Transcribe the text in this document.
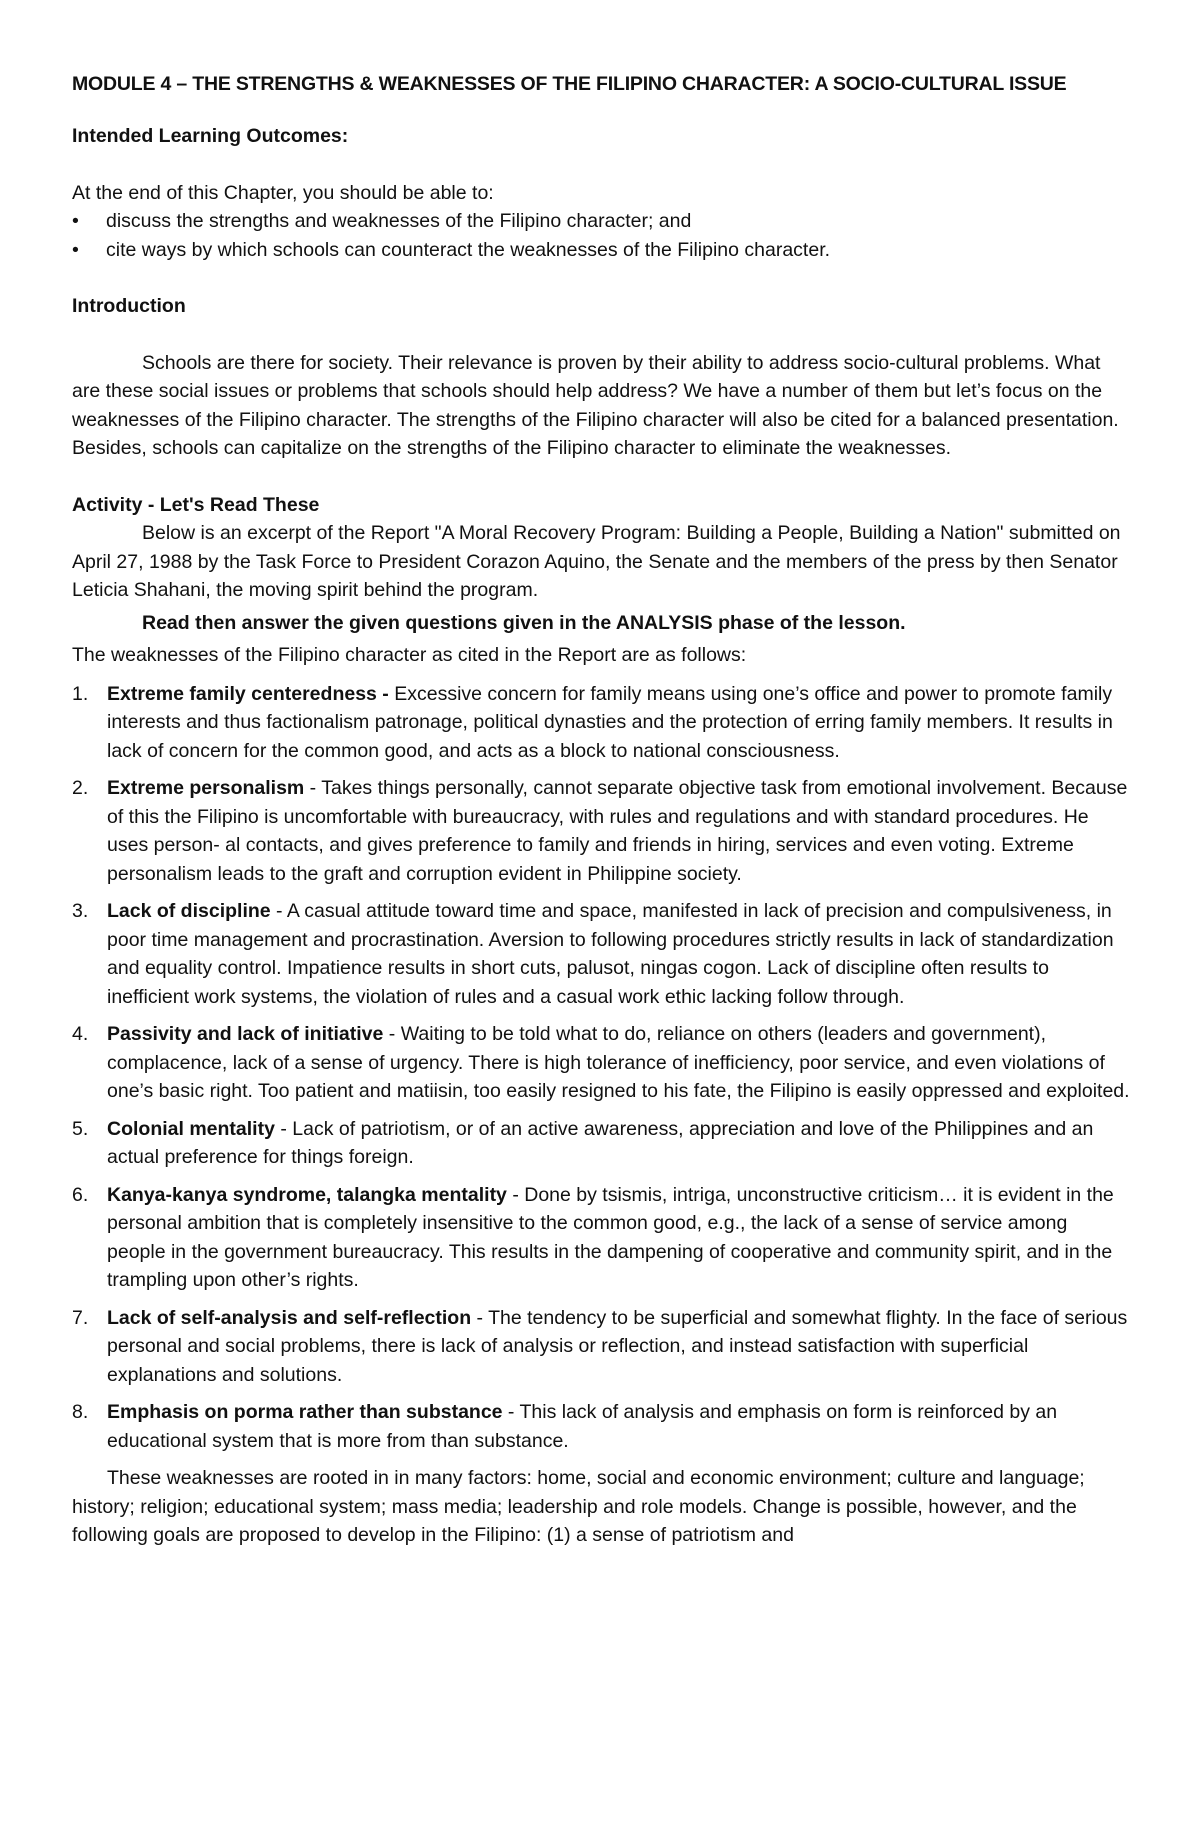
MODULE 4 – THE STRENGTHS & WEAKNESSES OF THE FILIPINO CHARACTER: A SOCIO-CULTURAL ISSUE

Intended Learning Outcomes:

At the end of this Chapter, you should be able to:

•	discuss the strengths and weaknesses of the Filipino character; and
•	cite ways by which schools can counteract the weaknesses of the Filipino character.

Introduction

Schools are there for society. Their relevance is proven by their ability to address socio-cultural problems. What are these social issues or problems that schools should help address? We have a number of them but let’s focus on the weaknesses of the Filipino character. The strengths of the Filipino character will also be cited for a balanced presentation. Besides, schools can capitalize on the strengths of the Filipino character to eliminate the weaknesses.

Activity - Let's Read These

Below is an excerpt of the Report "A Moral Recovery Program: Building a People, Building a Nation" submitted on April 27, 1988 by the Task Force to President Corazon Aquino, the Senate and the members of the press by then Senator Leticia Shahani, the moving spirit behind the program.

Read then answer the given questions given in the ANALYSIS phase of the lesson.

The weaknesses of the Filipino character as cited in the Report are as follows:

1. Extreme family centeredness - Excessive concern for family means using one’s office and power to promote family interests and thus factionalism patronage, political dynasties and the protection of erring family members. It results in lack of concern for the common good, and acts as a block to national consciousness.
2. Extreme personalism - Takes things personally, cannot separate objective task from emotional involvement. Because of this the Filipino is uncomfortable with bureaucracy, with rules and regulations and with standard procedures. He uses person- al contacts, and gives preference to family and friends in hiring, services and even voting. Extreme personalism leads to the graft and corruption evident in Philippine society.
3. Lack of discipline - A casual attitude toward time and space, manifested in lack of precision and compulsiveness, in poor time management and procrastination. Aversion to following procedures strictly results in lack of standardization and equality control. Impatience results in short cuts, palusot, ningas cogon. Lack of discipline often results to inefficient work systems, the violation of rules and a casual work ethic lacking follow through.
4. Passivity and lack of initiative - Waiting to be told what to do, reliance on others (leaders and government), complacence, lack of a sense of urgency. There is high tolerance of inefficiency, poor service, and even violations of one’s basic right. Too patient and matiisin, too easily resigned to his fate, the Filipino is easily oppressed and exploited.
5. Colonial mentality - Lack of patriotism, or of an active awareness, appreciation and love of the Philippines and an actual preference for things foreign.
6. Kanya-kanya syndrome, talangka mentality - Done by tsismis, intriga, unconstructive criticism… it is evident in the personal ambition that is completely insensitive to the common good, e.g., the lack of a sense of service among people in the government bureaucracy. This results in the dampening of cooperative and community spirit, and in the trampling upon other’s rights.
7. Lack of self-analysis and self-reflection - The tendency to be superficial and somewhat flighty. In the face of serious personal and social problems, there is lack of analysis or reflection, and instead satisfaction with superficial explanations and solutions.
8. Emphasis on porma rather than substance - This lack of analysis and emphasis on form is reinforced by an educational system that is more from than substance.

These weaknesses are rooted in in many factors: home, social and economic environment; culture and language; history; religion; educational system; mass media; leadership and role models. Change is possible, however, and the following goals are proposed to develop in the Filipino: (1) a sense of patriotism and
